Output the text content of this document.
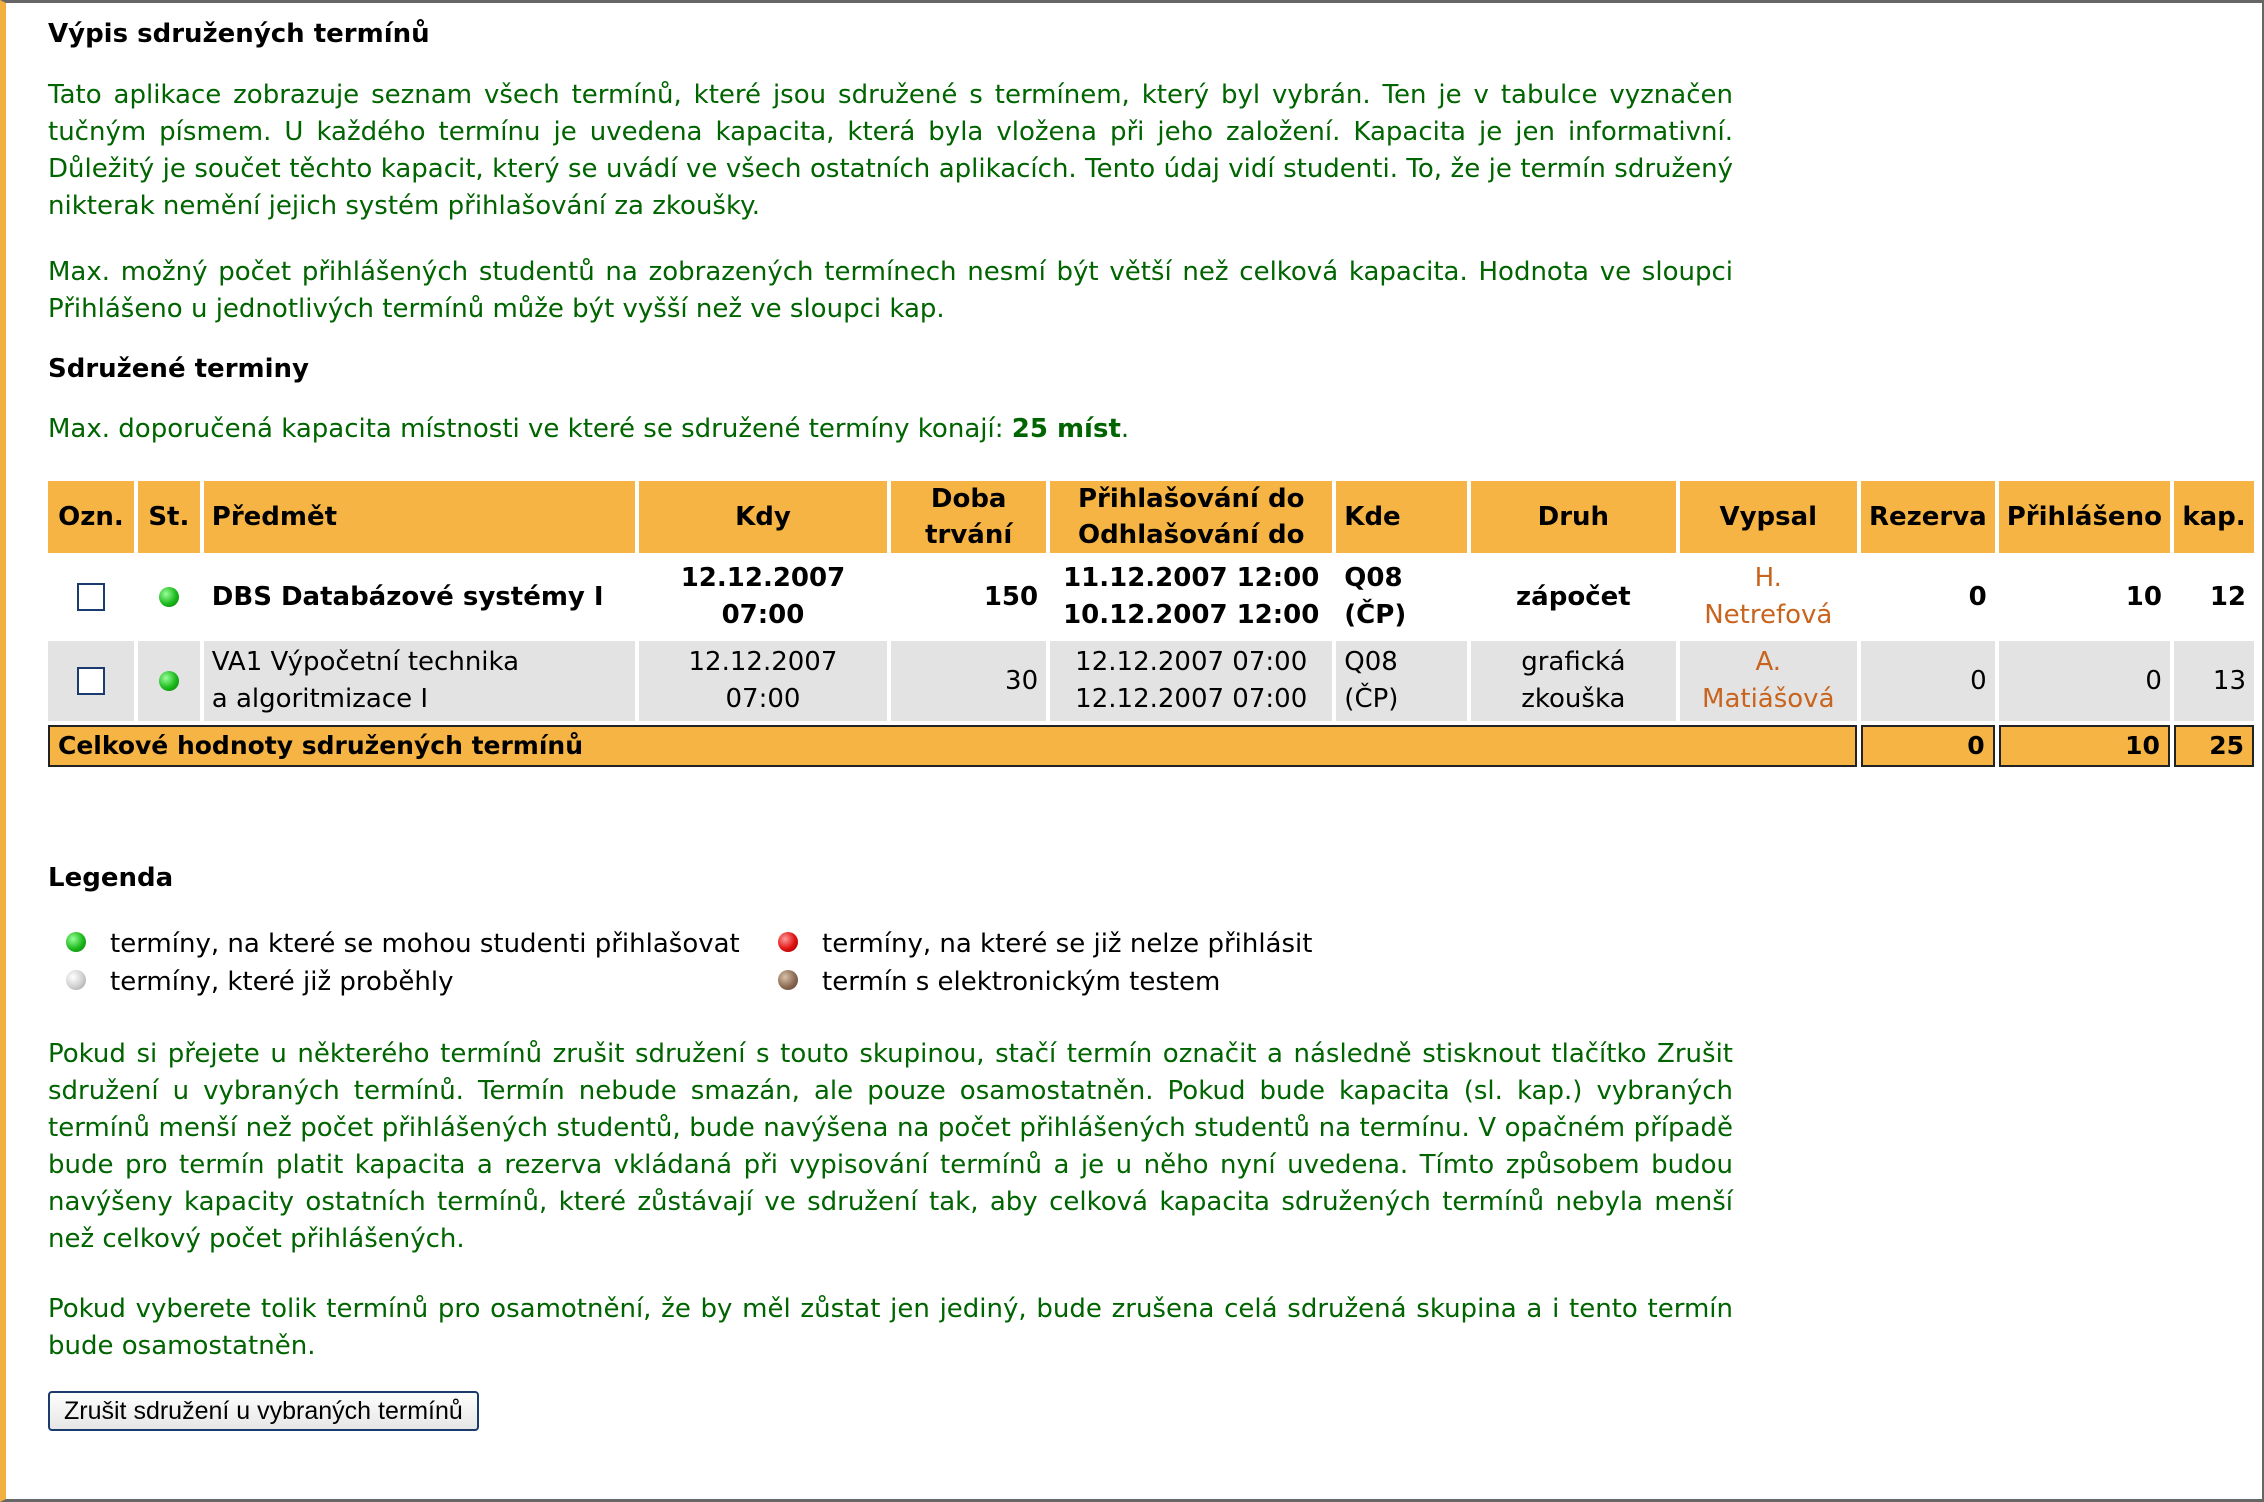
Výpis sdružených termínů

Tato aplikace zobrazuje seznam všech termínů, které jsou sdružené s termínem, který byl vybrán. Ten je v tabulce vyznačen tučným písmem. U každého termínu je uvedena kapacita, která byla vložena při jeho založení. Kapacita je jen informativní. Důležitý je součet těchto kapacit, který se uvádí ve všech ostatních aplikacích. Tento údaj vidí studenti. To, že je termín sdružený nikterak nemění jejich systém přihlašování za zkoušky.

Max. možný počet přihlášených studentů na zobrazených termínech nesmí být větší než celková kapacita. Hodnota ve sloupci Přihlášeno u jednotlivých termínů může být vyšší než ve sloupci kap.

Sdružené terminy
Max. doporučená kapacita místnosti ve které se sdružené termíny konají: 25 míst.
Ozn.	St.	Předmět	Kdy	Doba
trvání	Přihlašování do
Odhlašování do	Kde	Druh	Vypsal	Rezerva	Přihlášeno	kap.
		DBS Databázové systémy I	12.12.2007
07:00	150	11.12.2007 12:00
10.12.2007 12:00	Q08
(ČP)	zápočet	H.
Netrefová	0	10	12
		VA1 Výpočetní technika
a algoritmizace I	12.12.2007
07:00	30	12.12.2007 07:00
12.12.2007 07:00	Q08
(ČP)	grafická
zkouška	A.
Matiášová	0	0	13
Celkové hodnoty sdružených termínů									0	10	25
Legenda
termíny, na které se mohou studenti přihlašovat	termíny, na které se již nelze přihlásit
termíny, které již proběhly	termín s elektronickým testem

Pokud si přejete u některého termínů zrušit sdružení s touto skupinou, stačí termín označit a následně stisknout tlačítko Zrušit sdružení u vybraných termínů. Termín nebude smazán, ale pouze osamostatněn. Pokud bude kapacita (sl. kap.) vybraných termínů menší než počet přihlášených studentů, bude navýšena na počet přihlášených studentů na termínu. V opačném případě bude pro termín platit kapacita a rezerva vkládaná při vypisování termínů a je u něho nyní uvedena. Tímto způsobem budou navýšeny kapacity ostatních termínů, které zůstávají ve sdružení tak, aby celková kapacita sdružených termínů nebyla menší než celkový počet přihlášených.

Pokud vyberete tolik termínů pro osamotnění, že by měl zůstat jen jediný, bude zrušena celá sdružená skupina a i tento termín bude osamostatněn.

Zrušit sdružení u vybraných termínů
